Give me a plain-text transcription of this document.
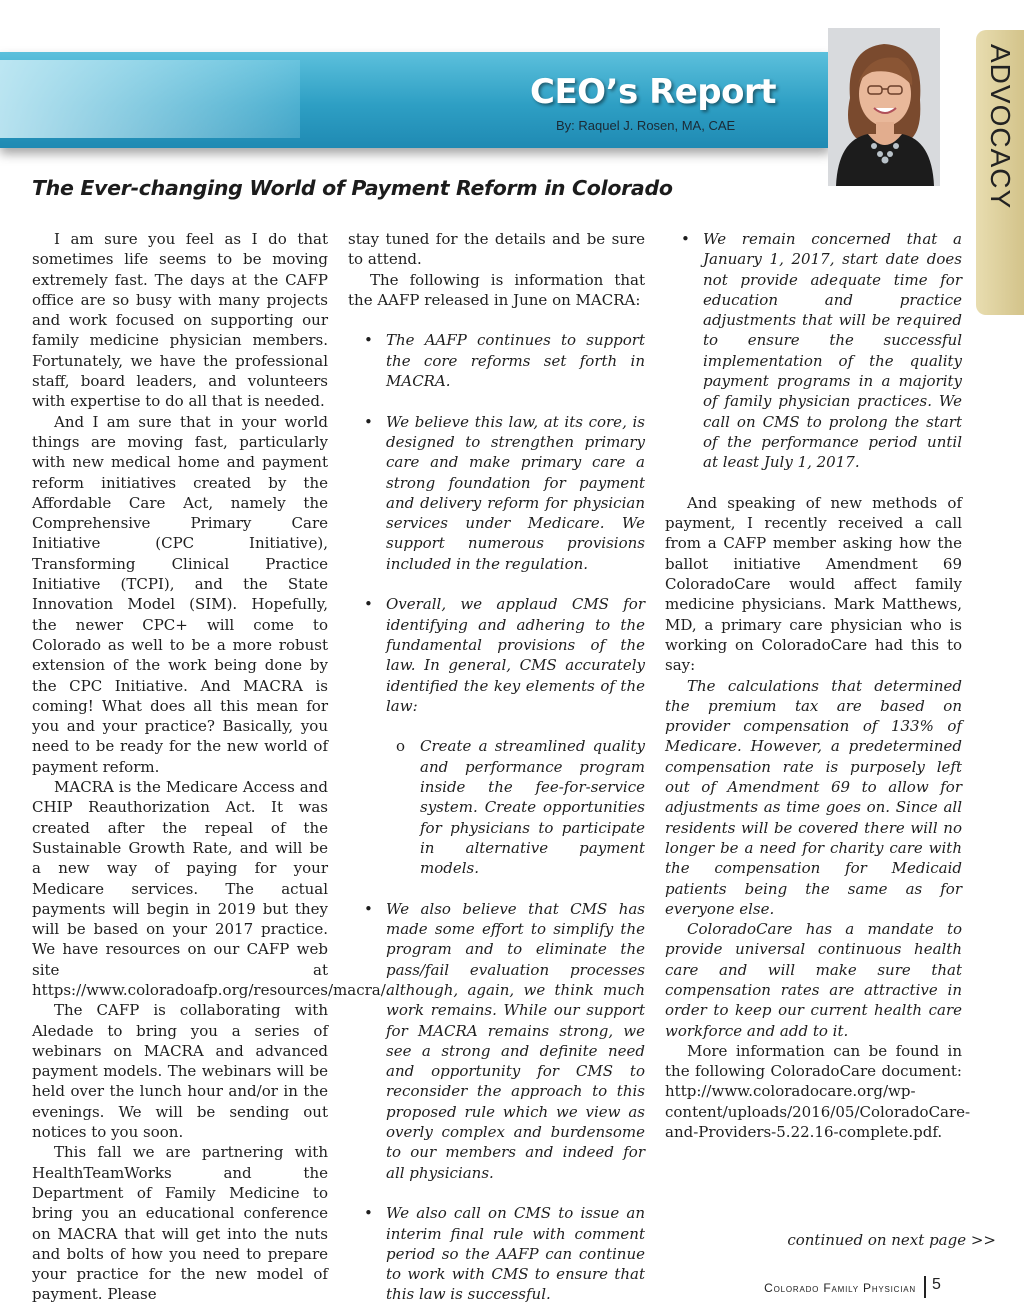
CEO’s Report
By: Raquel J. Rosen, MA, CAE	ADVOCACY
The Ever-changing World of Payment Reform in Colorado

I am sure you feel as I do that sometimes life seems to be moving extremely fast. The days at the CAFP office are so busy with many projects and work focused on supporting our family medicine physician members. Fortunately, we have the professional staff, board leaders, and volunteers with expertise to do all that is needed.

And I am sure that in your world things are moving fast, particularly with new medical home and payment reform initiatives created by the Affordable Care Act, namely the Comprehensive Primary Care Initiative (CPC Initiative), Transforming Clinical Practice Initiative (TCPI), and the State Innovation Model (SIM). Hopefully, the newer CPC+ will come to Colorado as well to be a more robust extension of the work being done by the CPC Initiative. And MACRA is coming! What does all this mean for you and your practice? Basically, you need to be ready for the new world of payment reform.

MACRA is the Medicare Access and CHIP Reauthorization Act. It was created after the repeal of the Sustainable Growth Rate, and will be a new way of paying for your Medicare services. The actual payments will begin in 2019 but they will be based on your 2017 practice. We have resources on our CAFP web site at https://www.coloradoafp.org/resources/macra/.

The CAFP is collaborating with Aledade to bring you a series of webinars on MACRA and advanced payment models. The webinars will be held over the lunch hour and/or in the evenings. We will be sending out notices to you soon.

This fall we are partnering with HealthTeamWorks and the Department of Family Medicine to bring you an educational conference on MACRA that will get into the nuts and bolts of how you need to prepare your practice for the new model of payment. Please

stay tuned for the details and be sure to attend.

The following is information that the AAFP released in June on MACRA:

• The AAFP continues to support the core reforms set forth in MACRA.
• We believe this law, at its core, is designed to strengthen primary care and make primary care a strong foundation for payment and delivery reform for physician services under Medicare. We support numerous provisions included in the regulation.
• Overall, we applaud CMS for identifying and adhering to the fundamental provisions of the law. In general, CMS accurately identified the key elements of the law:
o Create a streamlined quality and performance program inside the fee-for-service system. Create opportunities for physicians to participate in alternative payment models.
• We also believe that CMS has made some effort to simplify the program and to eliminate the pass/fail evaluation processes although, again, we think much work remains. While our support for MACRA remains strong, we see a strong and definite need and opportunity for CMS to reconsider the approach to this proposed rule which we view as overly complex and burdensome to our members and indeed for all physicians.
• We also call on CMS to issue an interim final rule with comment period so the AAFP can continue to work with CMS to ensure that this law is successful.
• We remain concerned that a January 1, 2017, start date does not provide adequate time for education and practice adjustments that will be required to ensure the successful implementation of the quality payment programs in a majority of family physician practices. We call on CMS to prolong the start of the performance period until at least July 1, 2017.

And speaking of new methods of payment, I recently received a call from a CAFP member asking how the ballot initiative Amendment 69 ColoradoCare would affect family medicine physicians. Mark Matthews, MD, a primary care physician who is working on ColoradoCare had this to say:

The calculations that determined the premium tax are based on provider compensation of 133% of Medicare. However, a predetermined compensation rate is purposely left out of Amendment 69 to allow for adjustments as time goes on. Since all residents will be covered there will no longer be a need for charity care with the compensation for Medicaid patients being the same as for everyone else.

ColoradoCare has a mandate to provide universal continuous health care and will make sure that compensation rates are attractive in order to keep our current health care workforce and add to it.

More information can be found in the following ColoradoCare document: http://www.coloradocare.org/wp-content/uploads/2016/05/ColoradoCare-and-Providers-5.22.16-complete.pdf.

continued on next page >>
Colorado Family Physician 5
